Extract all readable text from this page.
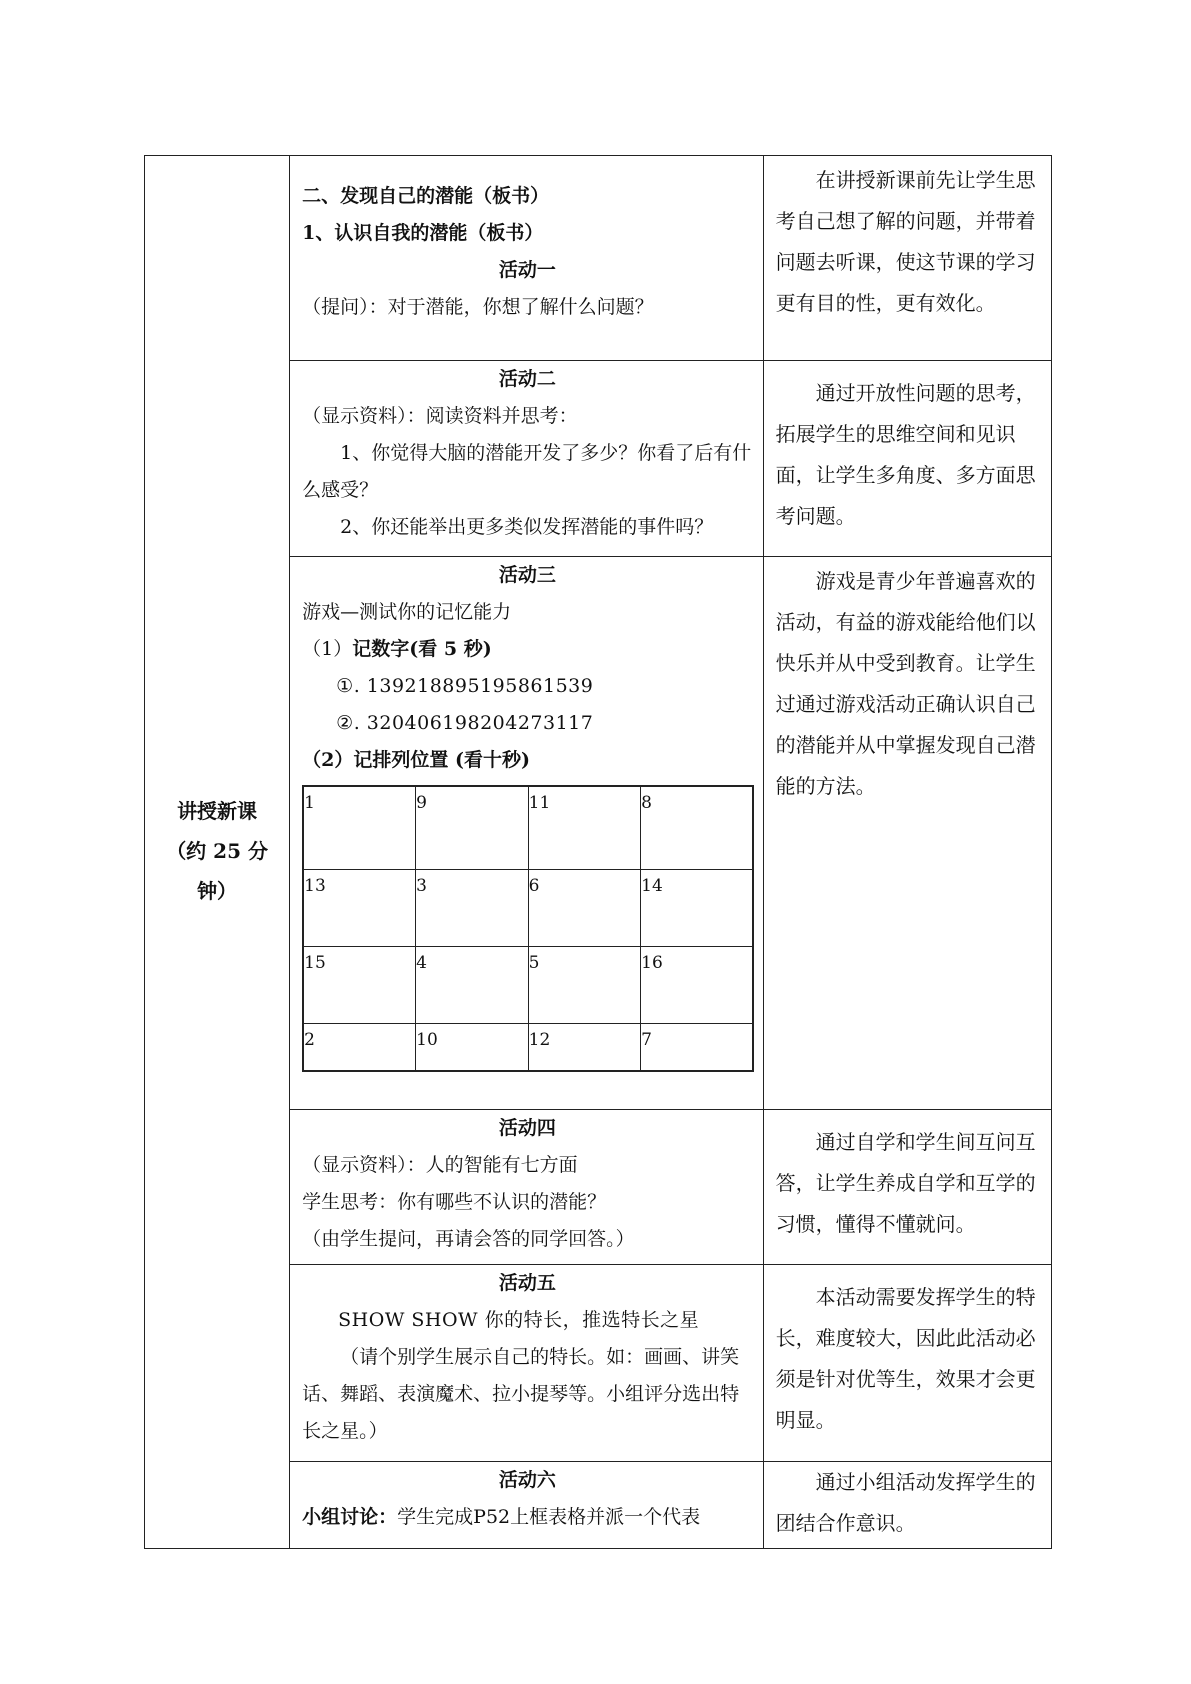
讲授新课
（约 25 分
钟）

二、发现自己的潜能（板书）
1、认识自我的潜能（板书）
活动一
（提问）：对于潜能，你想了解什么问题？

在讲授新课前先让学生思考自己想了解的问题，并带着问题去听课，使这节课的学习更有目的性，更有效化。

活动二
（显示资料）：阅读资料并思考：
1、你觉得大脑的潜能开发了多少？你看了后有什么感受？
2、你还能举出更多类似发挥潜能的事件吗？

通过开放性问题的思考，拓展学生的思维空间和见识面，让学生多角度、多方面思考问题。

活动三
游戏—测试你的记忆能力
（1）记数字(看 5 秒)
①. 139218895195861539
②. 320406198204273117
（2）记排列位置 (看十秒)
1	9	11	8
13	3	6	14
15	4	5	16
2	10	12	7

游戏是青少年普遍喜欢的活动，有益的游戏能给他们以快乐并从中受到教育。让学生过通过游戏活动正确认识自己的潜能并从中掌握发现自己潜能的方法。

活动四
（显示资料）：人的智能有七方面
学生思考：你有哪些不认识的潜能？
（由学生提问，再请会答的同学回答。）

通过自学和学生间互问互答，让学生养成自学和互学的习惯，懂得不懂就问。

活动五
SHOW SHOW 你的特长，推选特长之星
（请个别学生展示自己的特长。如：画画、讲笑话、舞蹈、表演魔术、拉小提琴等。小组评分选出特长之星。）

本活动需要发挥学生的特长，难度较大，因此此活动必须是针对优等生，效果才会更明显。

活动六
小组讨论：学生完成P52上框表格并派一个代表

通过小组活动发挥学生的团结合作意识。
